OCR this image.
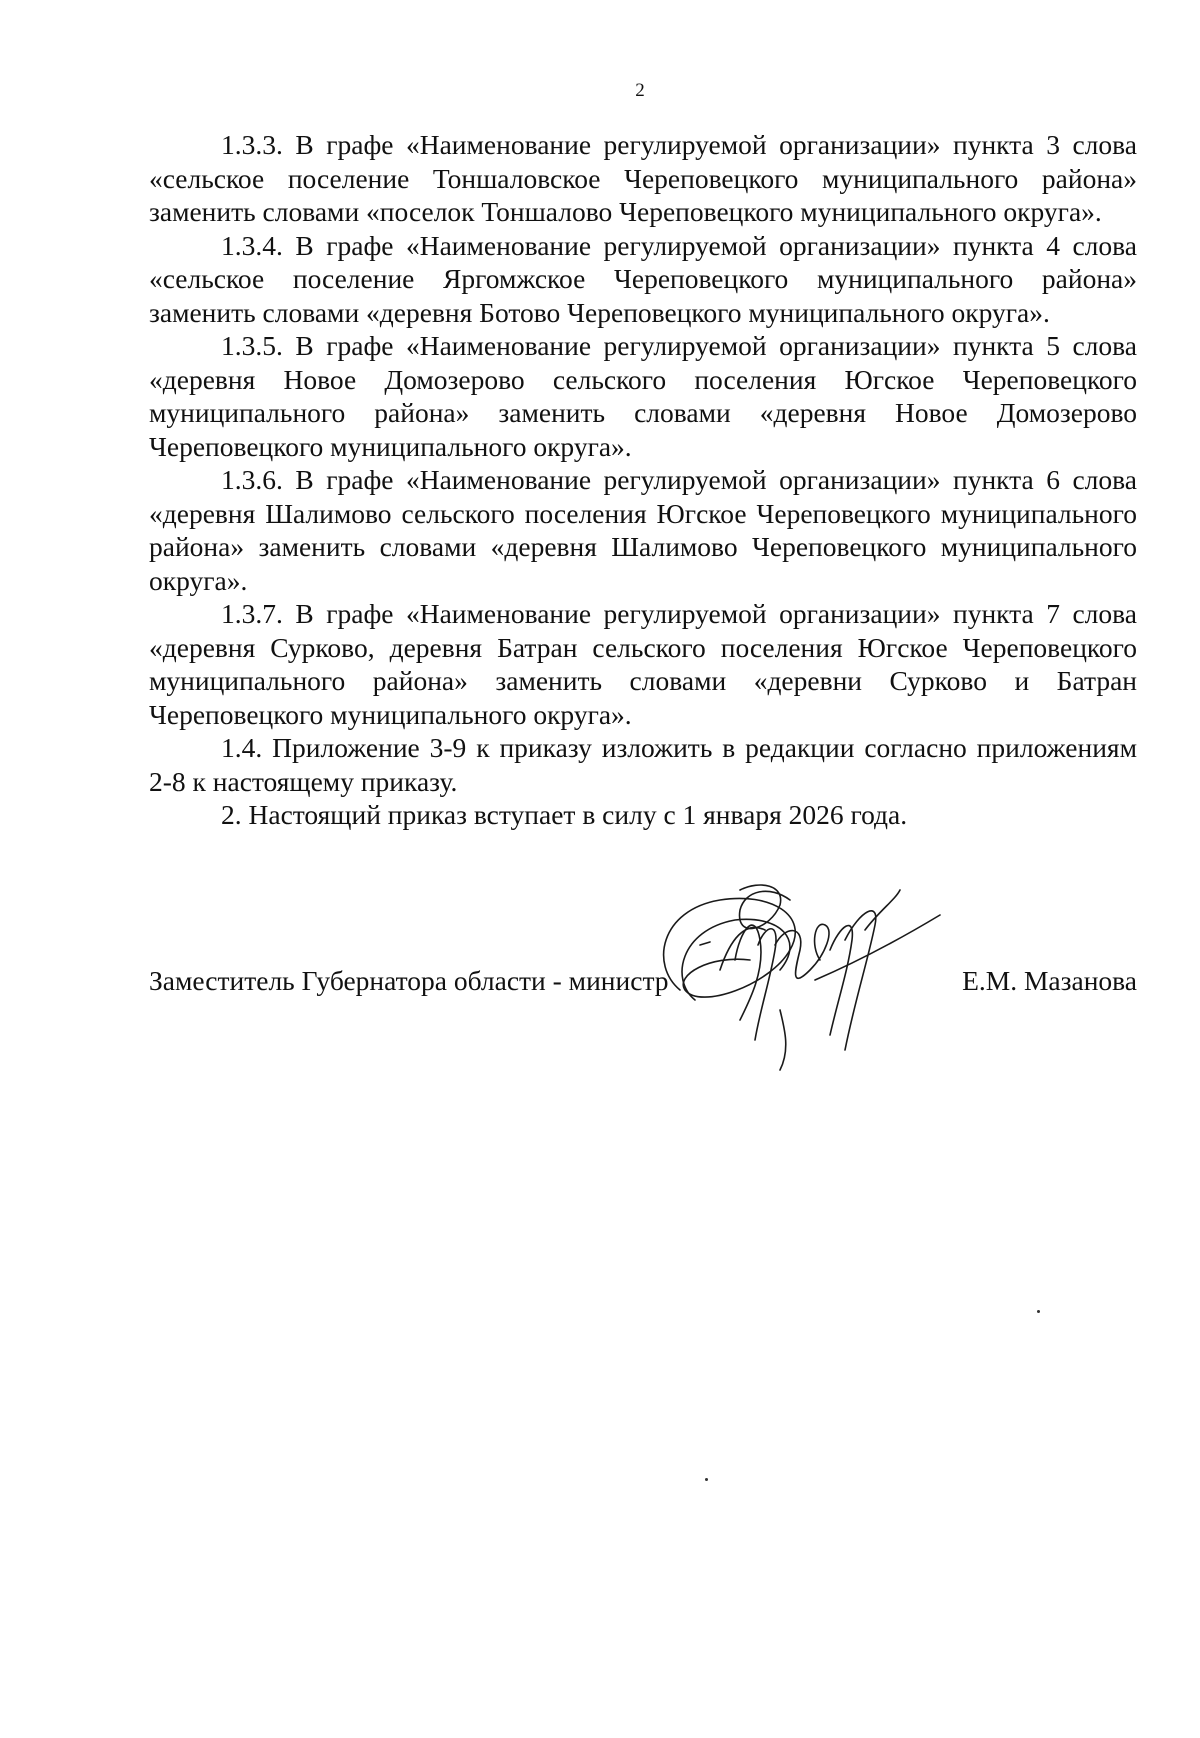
2

1.3.3. В графе «Наименование регулируемой организации» пункта 3 слова «сельское поселение Тоншаловское Череповецкого муниципального района» заменить словами «поселок Тоншалово Череповецкого муниципального округа».

1.3.4. В графе «Наименование регулируемой организации» пункта 4 слова «сельское поселение Яргомжское Череповецкого муниципального района» заменить словами «деревня Ботово Череповецкого муниципального округа».

1.3.5. В графе «Наименование регулируемой организации» пункта 5 слова «деревня Новое Домозерово сельского поселения Югское Череповецкого муниципального района» заменить словами «деревня Новое Домозерово Череповецкого муниципального округа».

1.3.6. В графе «Наименование регулируемой организации» пункта 6 слова «деревня Шалимово сельского поселения Югское Череповецкого муниципального района» заменить словами «деревня Шалимово Череповецкого муниципального округа».

1.3.7. В графе «Наименование регулируемой организации» пункта 7 слова «деревня Сурково, деревня Батран сельского поселения Югское Череповецкого муниципального района» заменить словами «деревни Сурково и Батран Череповецкого муниципального округа».

1.4. Приложение 3-9 к приказу изложить в редакции согласно приложениям 2-8 к настоящему приказу.

2. Настоящий приказ вступает в силу с 1 января 2026 года.

Заместитель Губернатора области - министр	Е.М. Мазанова
